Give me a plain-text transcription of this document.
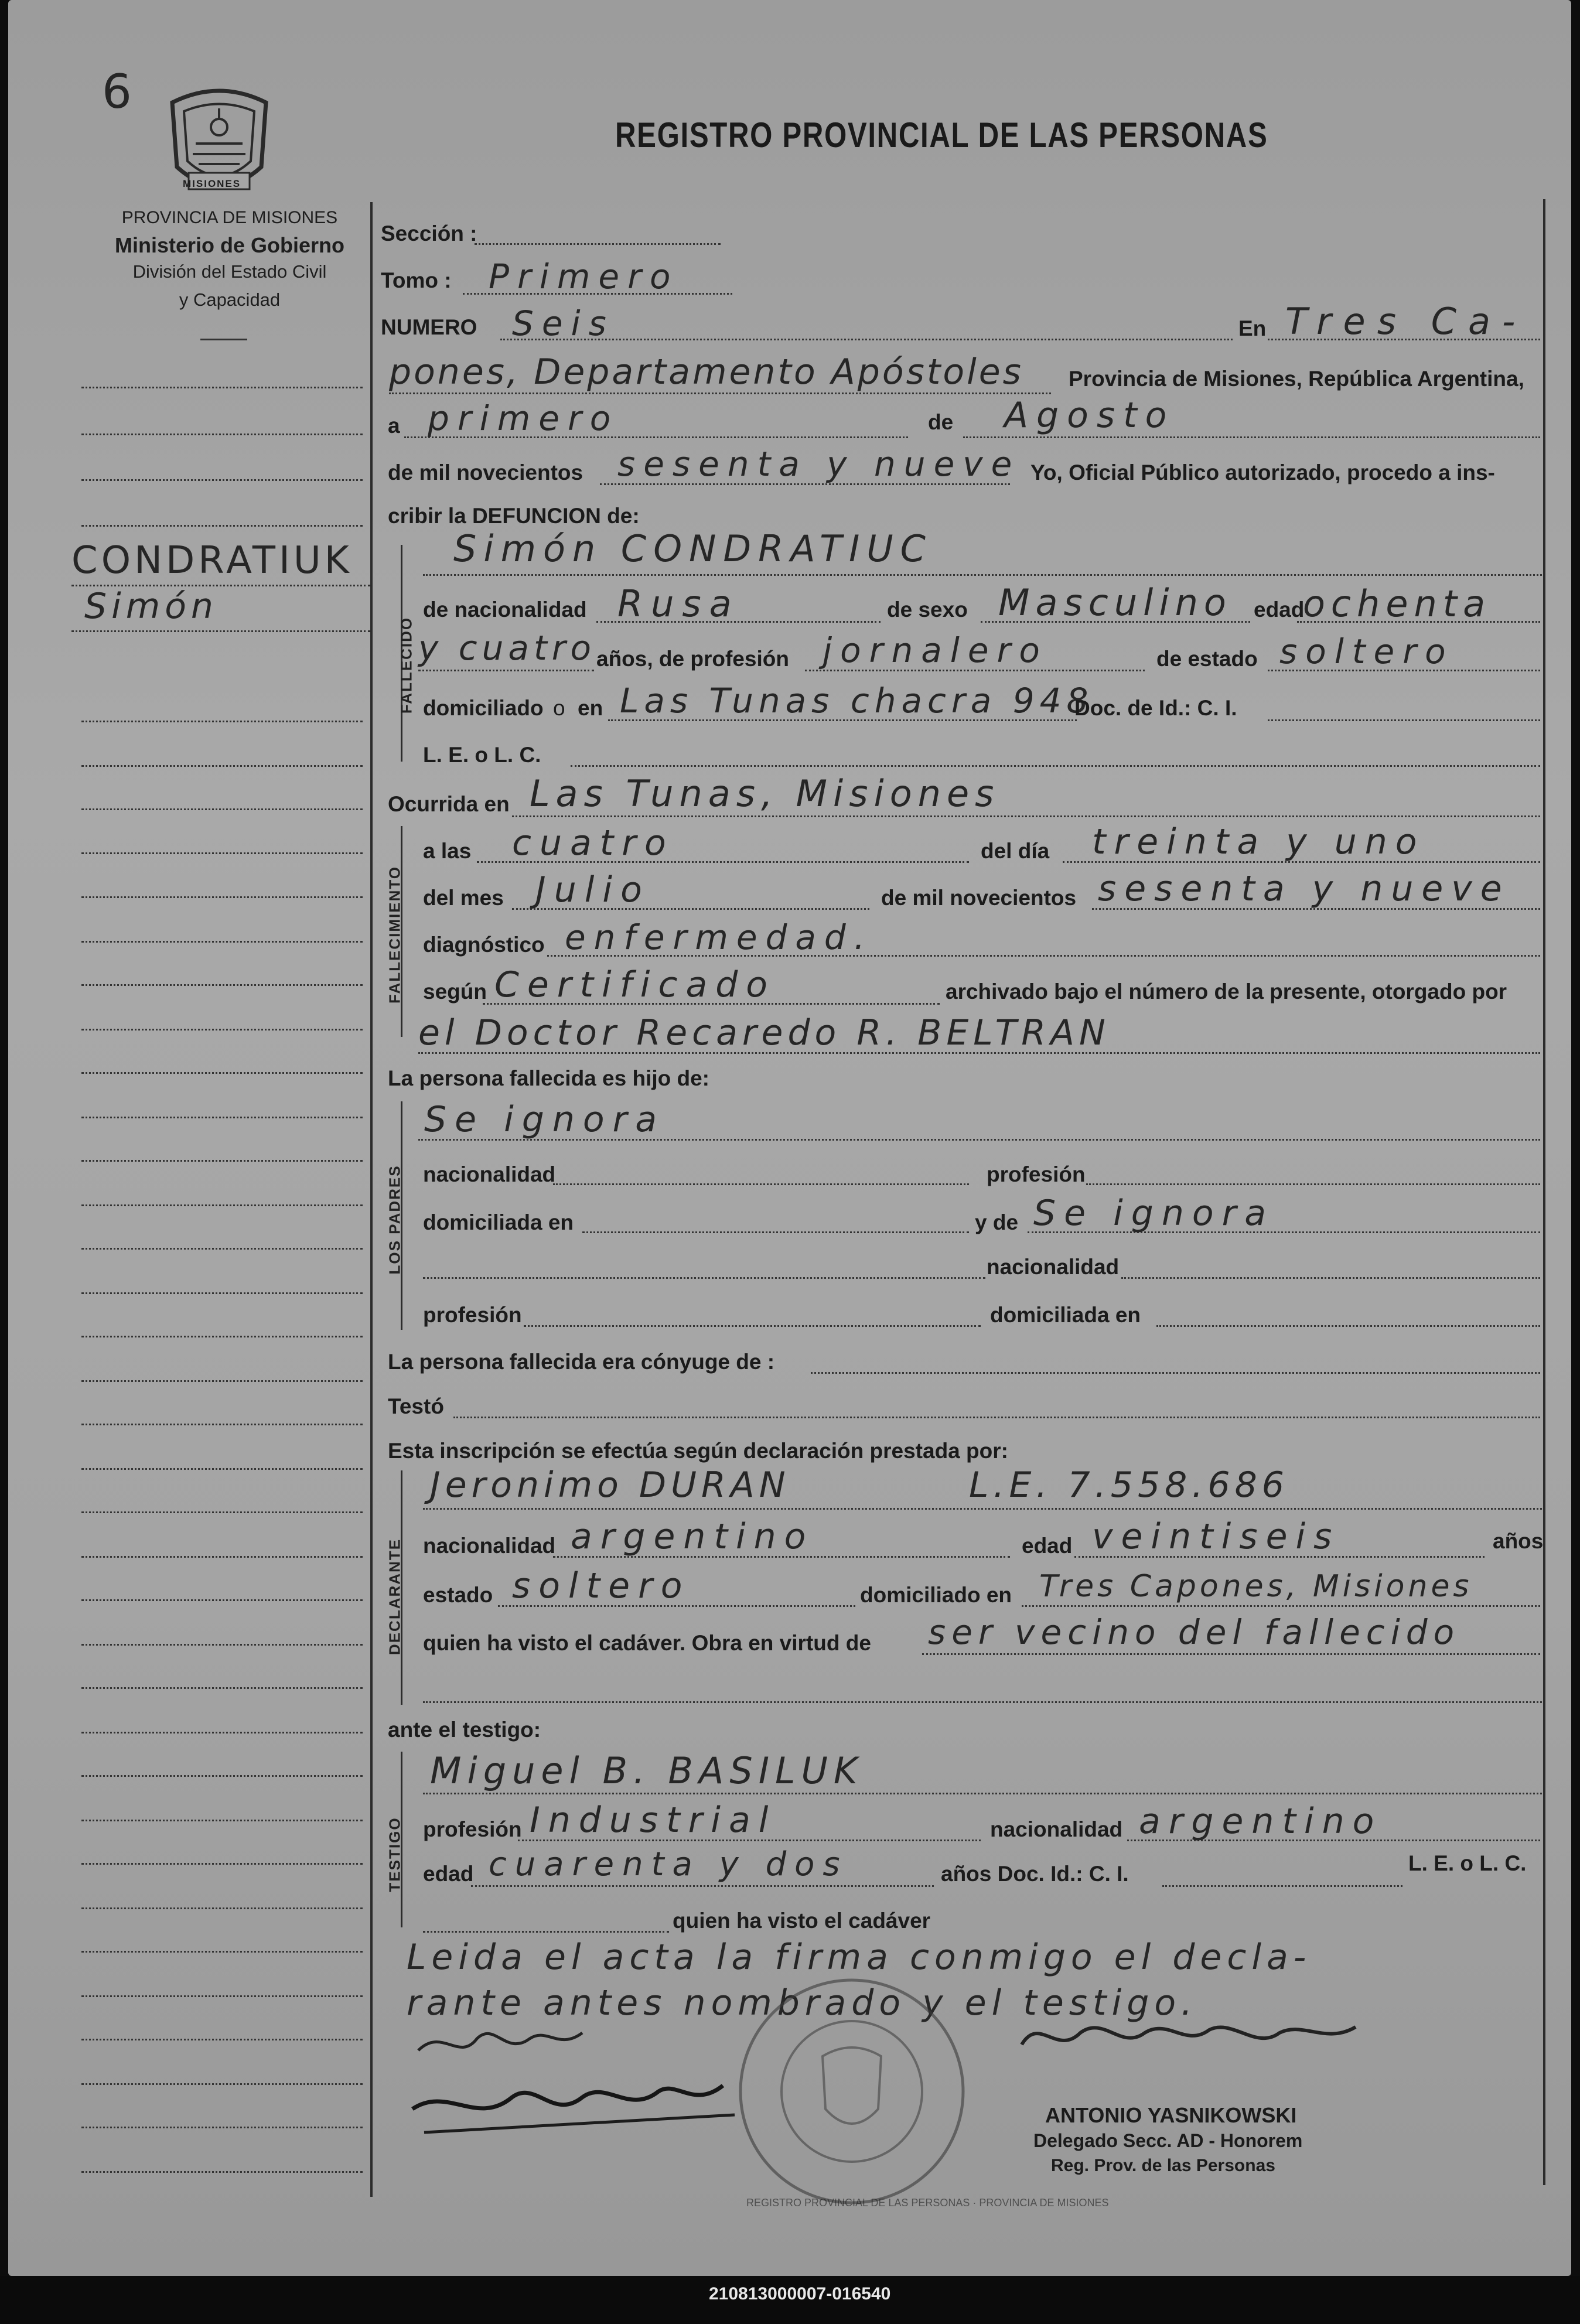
6
MISIONES
PROVINCIA DE MISIONES
Ministerio de Gobierno
División del Estado Civil
y Capacidad
REGISTRO PROVINCIAL DE LAS PERSONAS
CONDRATIUK
Simón
Sección :
Tomo : Primero
NUMERO Seis	En Tres Ca-
pones, Departamento Apóstoles Provincia de Misiones, República Argentina,
a primero	de Agosto
de mil novecientos sesenta y nueve Yo, Oficial Público autorizado, procedo a ins-
cribir la DEFUNCION de:
FALLECIDO
Simón CONDRATIUC
de nacionalidad Rusa	de sexo Masculino edad
ochenta
y cuatro años, de profesión jornalero	de estado soltero
domiciliado o en Las Tunas chacra 948
Doc. de Id.: C. I.
L. E. o L. C.
Ocurrida en Las Tunas, Misiones
FALLECIMIENTO
a las cuatro	del día treinta y uno
del mes Julio	de mil novecientos sesenta y nueve
diagnóstico enfermedad.
según Certificado	archivado bajo el número de la presente, otorgado por
el Doctor Recaredo R. BELTRAN
La persona fallecida es hijo de:
LOS PADRES
Se ignora
nacionalidad	profesión
domiciliada en	y de Se ignora
nacionalidad
profesión	domiciliada en
La persona fallecida era cónyuge de :
Testó
Esta inscripción se efectúa según declaración prestada por:
DECLARANTE
Jeronimo DURAN	L.E. 7.558.686
nacionalidad argentino	edad veintiseis	años
estado soltero	domiciliado en Tres Capones, Misiones
quien ha visto el cadáver. Obra en virtud de ser vecino del fallecido
ante el testigo:
TESTIGO
Miguel B. BASILUK
profesión Industrial	nacionalidad argentino
edad cuarenta y dos	años Doc. Id.: C. I.	L. E. o L. C.
quien ha visto el cadáver
Leida el acta la firma conmigo el decla-
rante antes nombrado y el testigo.
REGISTRO PROVINCIAL DE LAS PERSONAS · PROVINCIA DE MISIONES
ANTONIO YASNIKOWSKI
Delegado Secc. AD - Honorem
Reg. Prov. de las Personas
210813000007-016540
